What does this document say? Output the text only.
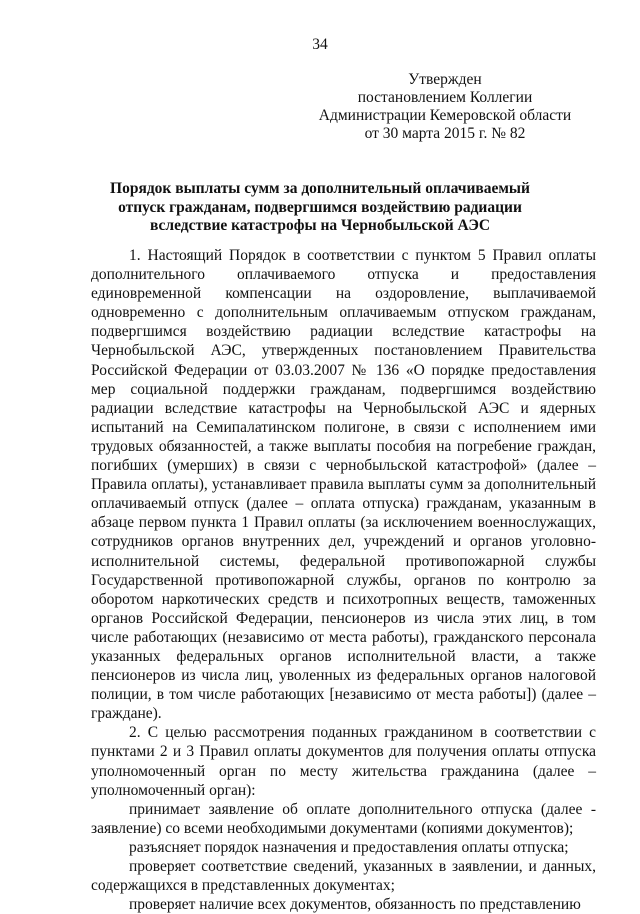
34
Утвержден
постановлением Коллегии
Администрации Кемеровской области
от 30 марта 2015 г. № 82
Порядок выплаты сумм за дополнительный оплачиваемый отпуск гражданам, подвергшимся воздействию радиации вследствие катастрофы на Чернобыльской АЭС

1. Настоящий Порядок в соответствии с пунктом 5 Правил оплаты дополнительного оплачиваемого отпуска и предоставления единовременной компенсации на оздоровление, выплачиваемой одновременно с дополнительным оплачиваемым отпуском гражданам, подвергшимся воздействию радиации вследствие катастрофы на Чернобыльской АЭС, утвержденных постановлением Правительства Российской Федерации от 03.03.2007 № 136 «О порядке предоставления мер социальной поддержки гражданам, подвергшимся воздействию радиации вследствие катастрофы на Чернобыльской АЭС и ядерных испытаний на Семипалатинском полигоне, в связи с исполнением ими трудовых обязанностей, а также выплаты пособия на погребение граждан, погибших (умерших) в связи с чернобыльской катастрофой» (далее – Правила оплаты), устанавливает правила выплаты сумм за дополнительный оплачиваемый отпуск (далее – оплата отпуска) гражданам, указанным в абзаце первом пункта 1 Правил оплаты (за исключением военнослужащих, сотрудников органов внутренних дел, учреждений и органов уголовно-исполнительной системы, федеральной противопожарной службы Государственной противопожарной службы, органов по контролю за оборотом наркотических средств и психотропных веществ, таможенных органов Российской Федерации, пенсионеров из числа этих лиц, в том числе работающих (независимо от места работы), гражданского персонала указанных федеральных органов исполнительной власти, а также пенсионеров из числа лиц, уволенных из федеральных органов налоговой полиции, в том числе работающих [независимо от места работы]) (далее – граждане).

2. С целью рассмотрения поданных гражданином в соответствии с пунктами 2 и 3 Правил оплаты документов для получения оплаты отпуска уполномоченный орган по месту жительства гражданина (далее – уполномоченный орган):

принимает заявление об оплате дополнительного отпуска (далее - заявление) со всеми необходимыми документами (копиями документов);

разъясняет порядок назначения и предоставления оплаты отпуска;

проверяет соответствие сведений, указанных в заявлении, и данных, содержащихся в представленных документах;

проверяет наличие всех документов, обязанность по представлению
